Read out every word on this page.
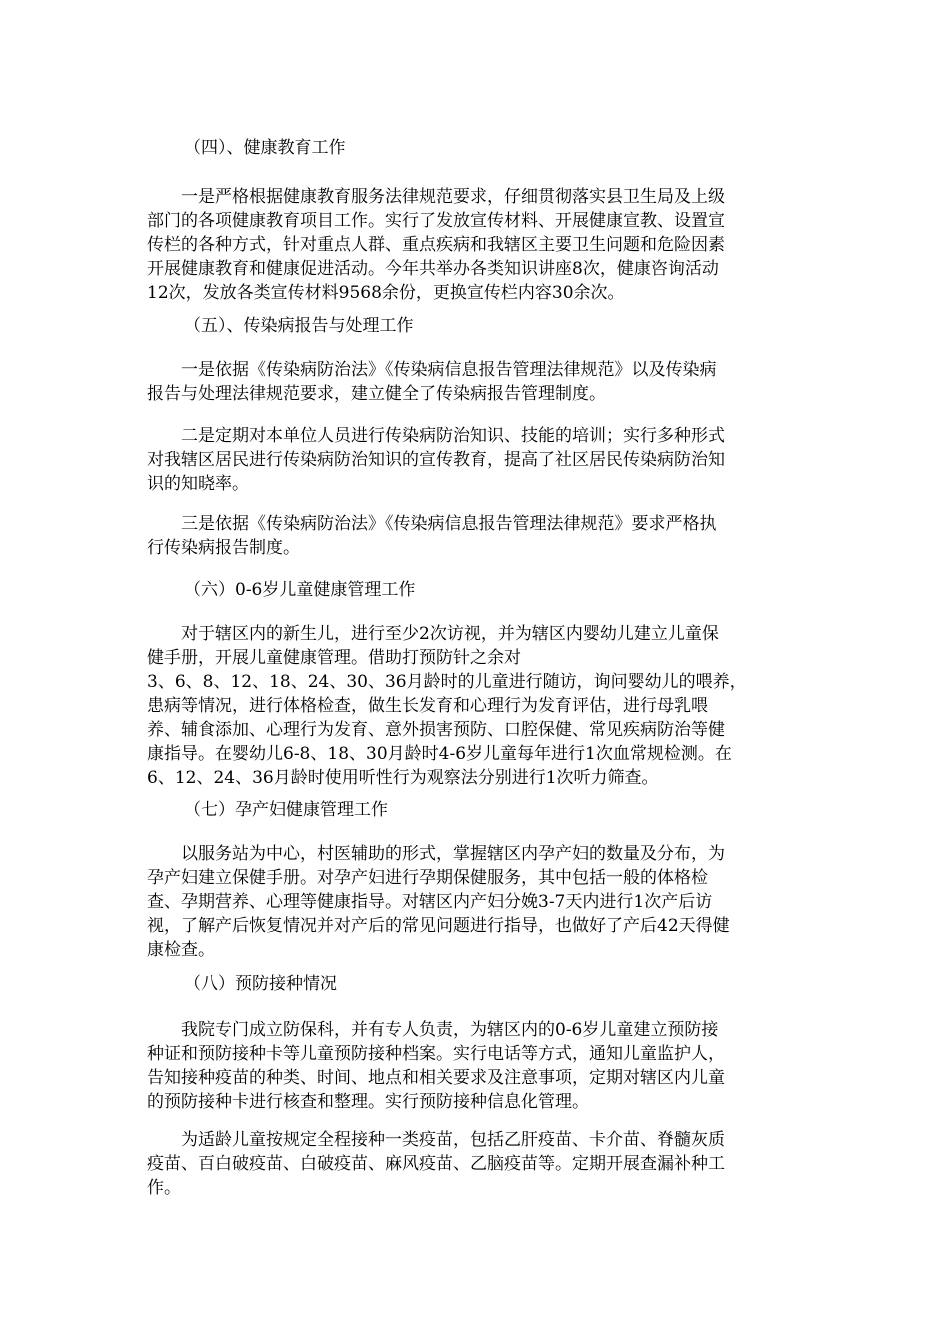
（四）、健康教育工作
一是严格根据健康教育服务法律规范要求，仔细贯彻落实县卫生局及上级
部门的各项健康教育项目工作。实行了发放宣传材料、开展健康宣教、设置宣
传栏的各种方式，针对重点人群、重点疾病和我辖区主要卫生问题和危险因素
开展健康教育和健康促进活动。今年共举办各类知识讲座8次，健康咨询活动
12次，发放各类宣传材料9568余份，更换宣传栏内容30余次。
（五）、传染病报告与处理工作
一是依据《传染病防治法》《传染病信息报告管理法律规范》以及传染病
报告与处理法律规范要求，建立健全了传染病报告管理制度。
二是定期对本单位人员进行传染病防治知识、技能的培训；实行多种形式
对我辖区居民进行传染病防治知识的宣传教育，提高了社区居民传染病防治知
识的知晓率。
三是依据《传染病防治法》《传染病信息报告管理法律规范》要求严格执
行传染病报告制度。
（六）0-6岁儿童健康管理工作
对于辖区内的新生儿，进行至少2次访视，并为辖区内婴幼儿建立儿童保
健手册，开展儿童健康管理。借助打预防针之余对
3、6、8、12、18、24、30、36月龄时的儿童进行随访，询问婴幼儿的喂养，
患病等情况，进行体格检查，做生长发育和心理行为发育评估，进行母乳喂
养、辅食添加、心理行为发育、意外损害预防、口腔保健、常见疾病防治等健
康指导。在婴幼儿6-8、18、30月龄时4-6岁儿童每年进行1次血常规检测。在
6、12、24、36月龄时使用听性行为观察法分别进行1次听力筛查。
（七）孕产妇健康管理工作
以服务站为中心，村医辅助的形式，掌握辖区内孕产妇的数量及分布，为
孕产妇建立保健手册。对孕产妇进行孕期保健服务，其中包括一般的体格检
查、孕期营养、心理等健康指导。对辖区内产妇分娩3-7天内进行1次产后访
视，了解产后恢复情况并对产后的常见问题进行指导，也做好了产后42天得健
康检查。
（八）预防接种情况
我院专门成立防保科，并有专人负责，为辖区内的0-6岁儿童建立预防接
种证和预防接种卡等儿童预防接种档案。实行电话等方式，通知儿童监护人，
告知接种疫苗的种类、时间、地点和相关要求及注意事项，定期对辖区内儿童
的预防接种卡进行核查和整理。实行预防接种信息化管理。
为适龄儿童按规定全程接种一类疫苗，包括乙肝疫苗、卡介苗、脊髓灰质
疫苗、百白破疫苗、白破疫苗、麻风疫苗、乙脑疫苗等。定期开展查漏补种工
作。
